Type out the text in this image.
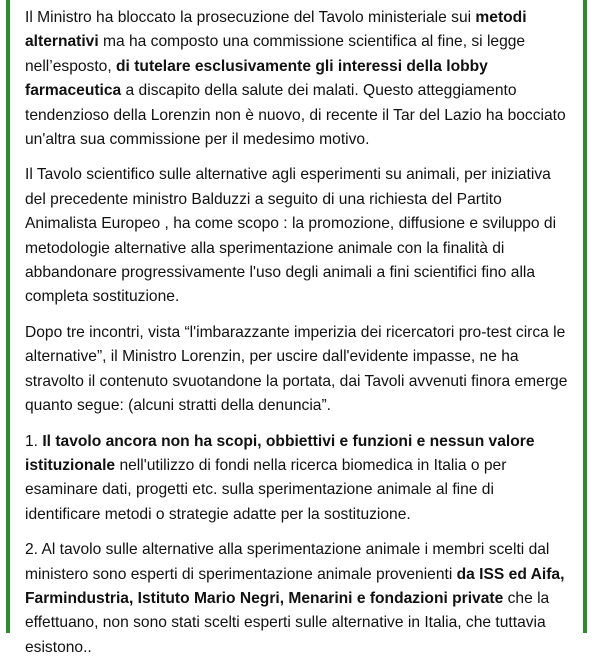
Il Ministro ha bloccato la prosecuzione del Tavolo ministeriale sui metodi alternativi ma ha composto una commissione scientifica al fine, si legge nell’esposto, di tutelare esclusivamente gli interessi della lobby farmaceutica a discapito della salute dei malati. Questo atteggiamento tendenzioso della Lorenzin non è nuovo, di recente il Tar del Lazio ha bocciato un'altra sua commissione per il medesimo motivo.

Il Tavolo scientifico sulle alternative agli esperimenti su animali, per iniziativa del precedente ministro Balduzzi a seguito di una richiesta del Partito Animalista Europeo , ha come scopo : la promozione, diffusione e sviluppo di metodologie alternative alla sperimentazione animale con la finalità di abbandonare progressivamente l'uso degli animali a fini scientifici fino alla completa sostituzione.

Dopo tre incontri, vista “l'imbarazzante imperizia dei ricercatori pro-test circa le alternative”, il Ministro Lorenzin, per uscire dall'evidente impasse, ne ha stravolto il contenuto svuotandone la portata, dai Tavoli avvenuti finora emerge quanto segue: (alcuni stratti della denuncia”.

1. Il tavolo ancora non ha scopi, obbiettivi e funzioni e nessun valore istituzionale nell'utilizzo di fondi nella ricerca biomedica in Italia o per esaminare dati, progetti etc. sulla sperimentazione animale al fine di identificare metodi o strategie adatte per la sostituzione.

2. Al tavolo sulle alternative alla sperimentazione animale i membri scelti dal ministero sono esperti di sperimentazione animale provenienti da ISS ed Aifa, Farmindustria, Istituto Mario Negri, Menarini e fondazioni private che la effettuano, non sono stati scelti esperti sulle alternative in Italia, che tuttavia esistono..
